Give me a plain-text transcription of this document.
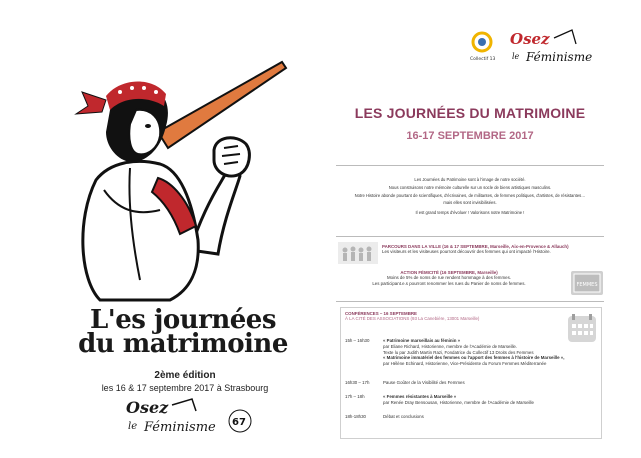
L'es journées
du matrimoine
2ème édition
les 16 & 17 septembre 2017 à Strasbourg
Osez
le Féminisme 67
Collectif 13
Osez
le Féminisme
LES JOURNÉES DU MATRIMOINE
16-17 SEPTEMBRE 2017

Les Journées du Patrimoine sont à l'image de notre société.

Nous construisons notre mémoire culturelle sur un socle de biens artistiques masculins.

Notre Histoire abonde pourtant de scientifiques, d'écrivaines, de militantes, de femmes politiques, d'artistes, de résistantes…

mais elles sont invisibilisées.

Il est grand temps d'évoluer ! Valorisons notre Matrimoine !

PARCOURS DANS LA VILLE (16 & 17 SEPTEMBRE, Marseille, Aix-en-Provence & Allauch)
Les visiteurs et les visiteuses pourront découvrir des femmes qui ont impacté l'Histoire.
ACTION FÉMICITÉ (16 SEPTEMBRE, Marseille)
Moins de 5% de noms de rue rendent hommage à des femmes.
Les participant.e.s pourront renommer les rues du Panier de noms de femmes.	FEMMES
CONFÉRENCES – 16 SEPTEMBRE
À LA CITÉ DES ASSOCIATIONS (93 La Canebière, 13001 Marseille)
15h – 16h30	« Patrimoine marseillais au féminin »
par Eliane Richard, Historienne, membre de l'Académie de Marseille.
Texte lu par Judith Martin Razi, Fondatrice du Collectif 13 Droits des Femmes
« Matrimoine immatériel des femmes ou l'apport des femmes à l'histoire de Marseille »,
par Hélène Echinard, Historienne, Vice-Présidente du Forum Femmes Méditerranée
16h30 – 17h	Pause Goûter de la Visibilité des Femmes
17h – 18h	« Femmes résistantes à Marseille »
par Renée Dray Bensousan, Historienne, membre de l'Académie de Marseille
18h-18h30	Débat et conclusions
